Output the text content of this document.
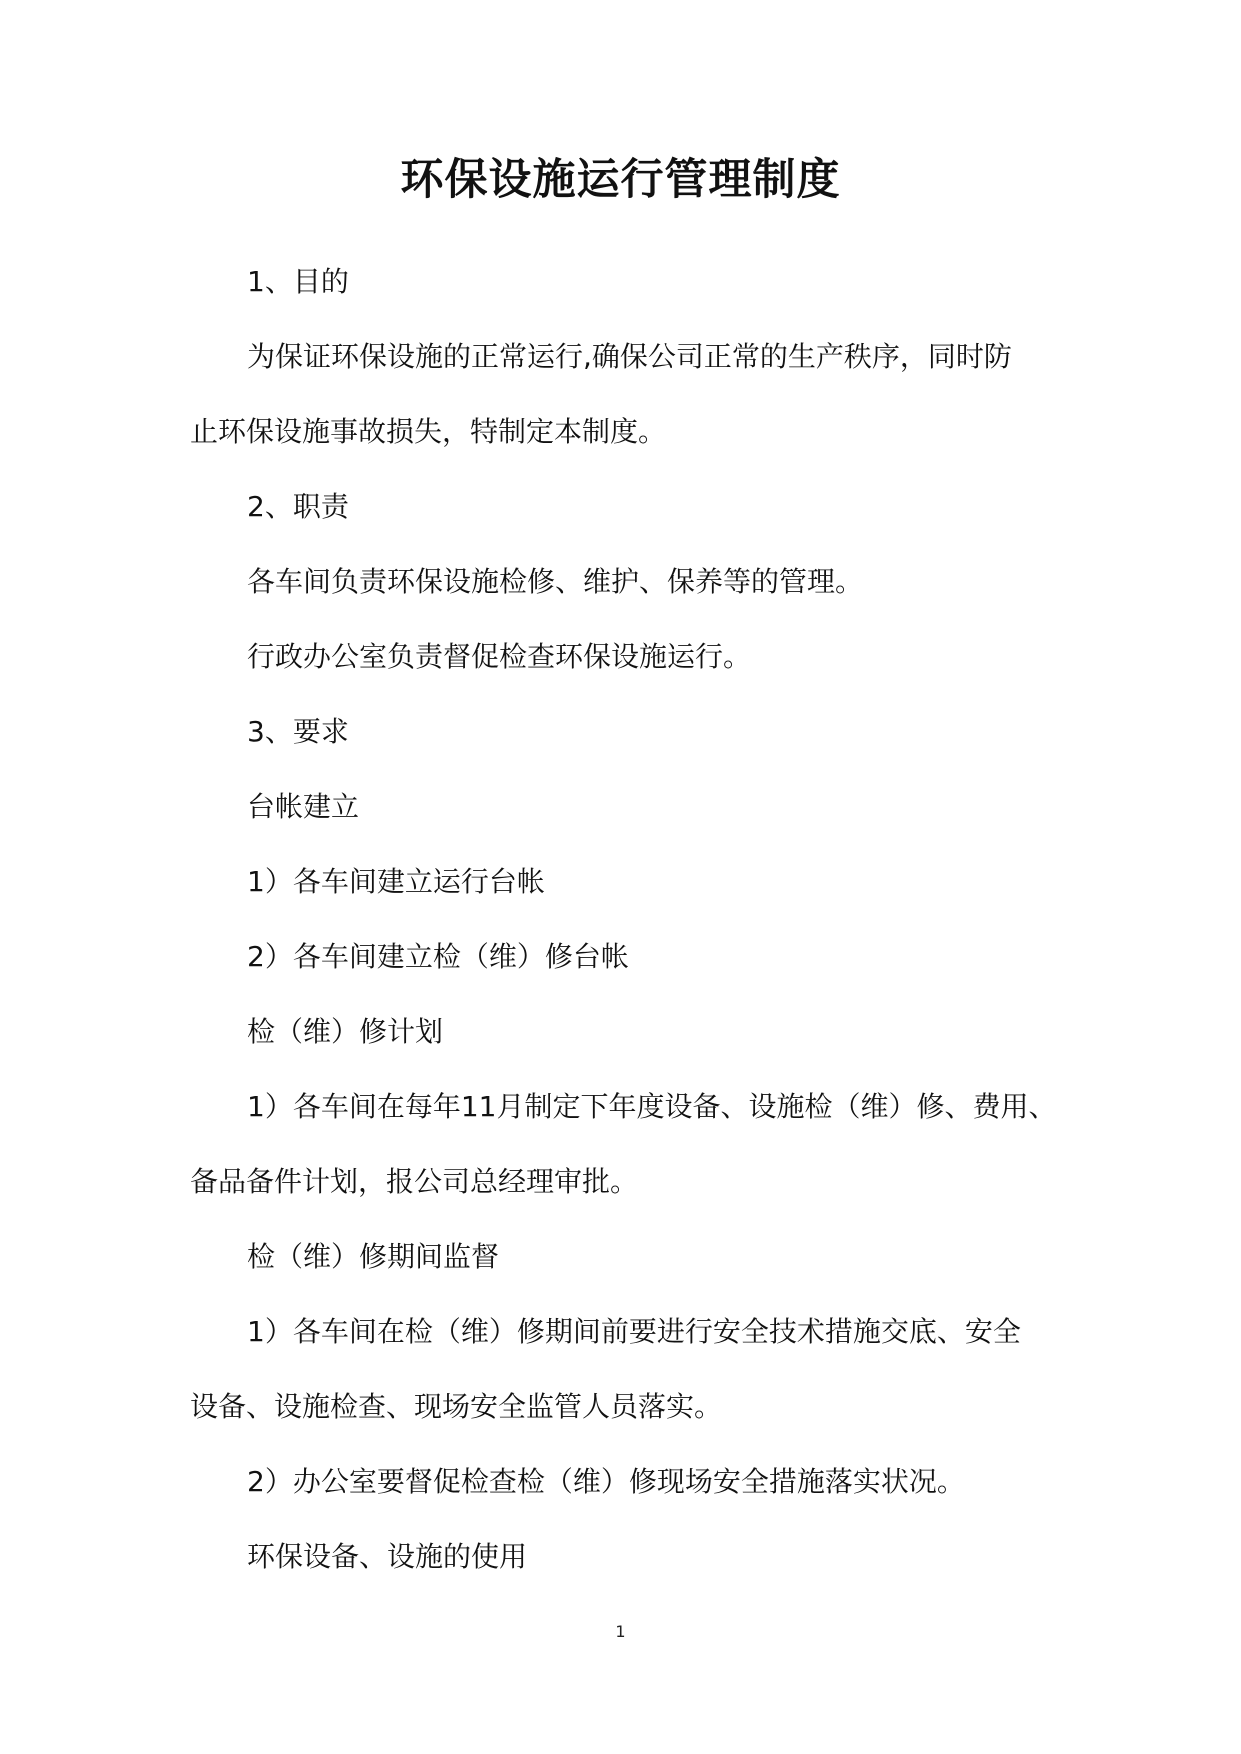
环保设施运行管理制度
1、目的
为保证环保设施的正常运行,确保公司正常的生产秩序，同时防
止环保设施事故损失，特制定本制度。
2、职责
各车间负责环保设施检修、维护、保养等的管理。
行政办公室负责督促检查环保设施运行。
3、要求
台帐建立
1）各车间建立运行台帐
2）各车间建立检（维）修台帐
检（维）修计划
1）各车间在每年11月制定下年度设备、设施检（维）修、费用、
备品备件计划，报公司总经理审批。
检（维）修期间监督
1）各车间在检（维）修期间前要进行安全技术措施交底、安全
设备、设施检查、现场安全监管人员落实。
2）办公室要督促检查检（维）修现场安全措施落实状况。
环保设备、设施的使用
1
